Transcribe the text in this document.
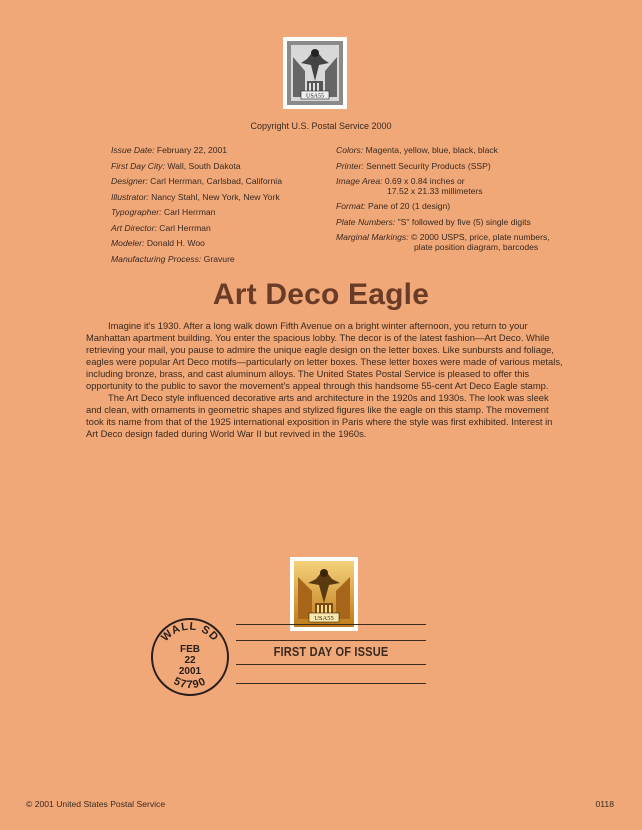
USA55
Copyright U.S. Postal Service 2000
Issue Date: February 22, 2001
First Day City: Wall, South Dakota
Designer: Carl Herrman, Carlsbad, California
Illustrator: Nancy Stahl, New York, New York
Typographer: Carl Herrman
Art Director: Carl Herrman
Modeler: Donald H. Woo
Manufacturing Process: Gravure
Colors: Magenta, yellow, blue, black, black
Printer: Sennett Security Products (SSP)
Image Area: 0.69 x 0.84 inches or
17.52 x 21.33 millimeters
Format: Pane of 20 (1 design)
Plate Numbers: "S" followed by five (5) single digits
Marginal Markings: © 2000 USPS, price, plate numbers,
plate position diagram, barcodes
Art Deco Eagle

Imagine it's 1930. After a long walk down Fifth Avenue on a bright winter afternoon, you return to your Manhattan apartment building. You enter the spacious lobby. The decor is of the latest fashion—Art Deco. While retrieving your mail, you pause to admire the unique eagle design on the letter boxes. Like sunbursts and foliage, eagles were popular Art Deco motifs—particularly on letter boxes. These letter boxes were made of various metals, including bronze, brass, and cast aluminum alloys. The United States Postal Service is pleased to offer this opportunity to the public to savor the movement's appeal through this handsome 55-cent Art Deco Eagle stamp.

The Art Deco style influenced decorative arts and architecture in the 1920s and 1930s. The look was sleek and clean, with ornaments in geometric shapes and stylized figures like the eagle on this stamp. The movement took its name from that of the 1925 international exposition in Paris where the style was first exhibited. Interest in Art Deco design faded during World War II but revived in the 1960s.

USA55
WALL SD
FEB
22
2001
57790
FIRST DAY OF ISSUE
© 2001 United States Postal Service	0118
